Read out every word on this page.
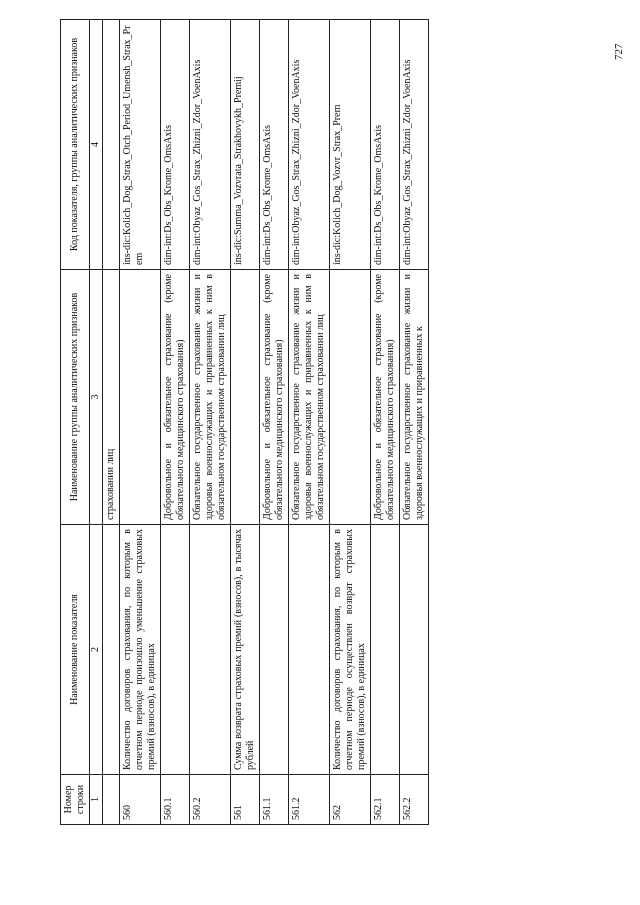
Номер строки	Наименование показателя	Наименование группы аналитических признаков	Код показателя, группы аналитических признаков
1	2	3	4
		страховании лиц	
560	Количество договоров страхования, по которым в отчетном периоде произошло уменьшение страховых премий (взносов), в единицах		ins-dic:Kolich_Dog_Strax_Otch_Period_Umensh_Strax_Prem
560.1		Добровольное и обязательное страхование (кроме обязательного медицинского страхования)	dim-int:Ds_Obs_Krome_OmsAxis
560.2		Обязательное государственное страхование жизни и здоровья военнослужащих и приравненных к ним в обязательном государственном страховании лиц	dim-int:Obyaz_Gos_Strax_Zhizni_Zdor_VoenAxis
561	Сумма возврата страховых премий (взносов), в тысячах рублей		ins-dic:Summa_Vozvrata_Strakhovykh_Premij
561.1		Добровольное и обязательное страхование (кроме обязательного медицинского страхования)	dim-int:Ds_Obs_Krome_OmsAxis
561.2		Обязательное государственное страхование жизни и здоровья военнослужащих и приравненных к ним в обязательном государственном страховании лиц	dim-int:Obyaz_Gos_Strax_Zhizni_Zdor_VoenAxis
562	Количество договоров страхования, по которым в отчетном периоде осуществлен возврат страховых премий (взносов), в единицах		ins-dic:Kolich_Dog_Vozvr_Strax_Prem
562.1		Добровольное и обязательное страхование (кроме обязательного медицинского страхования)	dim-int:Ds_Obs_Krome_OmsAxis
562.2		Обязательное государственное страхование жизни и здоровья военнослужащих и приравненных к	dim-int:Obyaz_Gos_Strax_Zhizni_Zdor_VoenAxis
727
